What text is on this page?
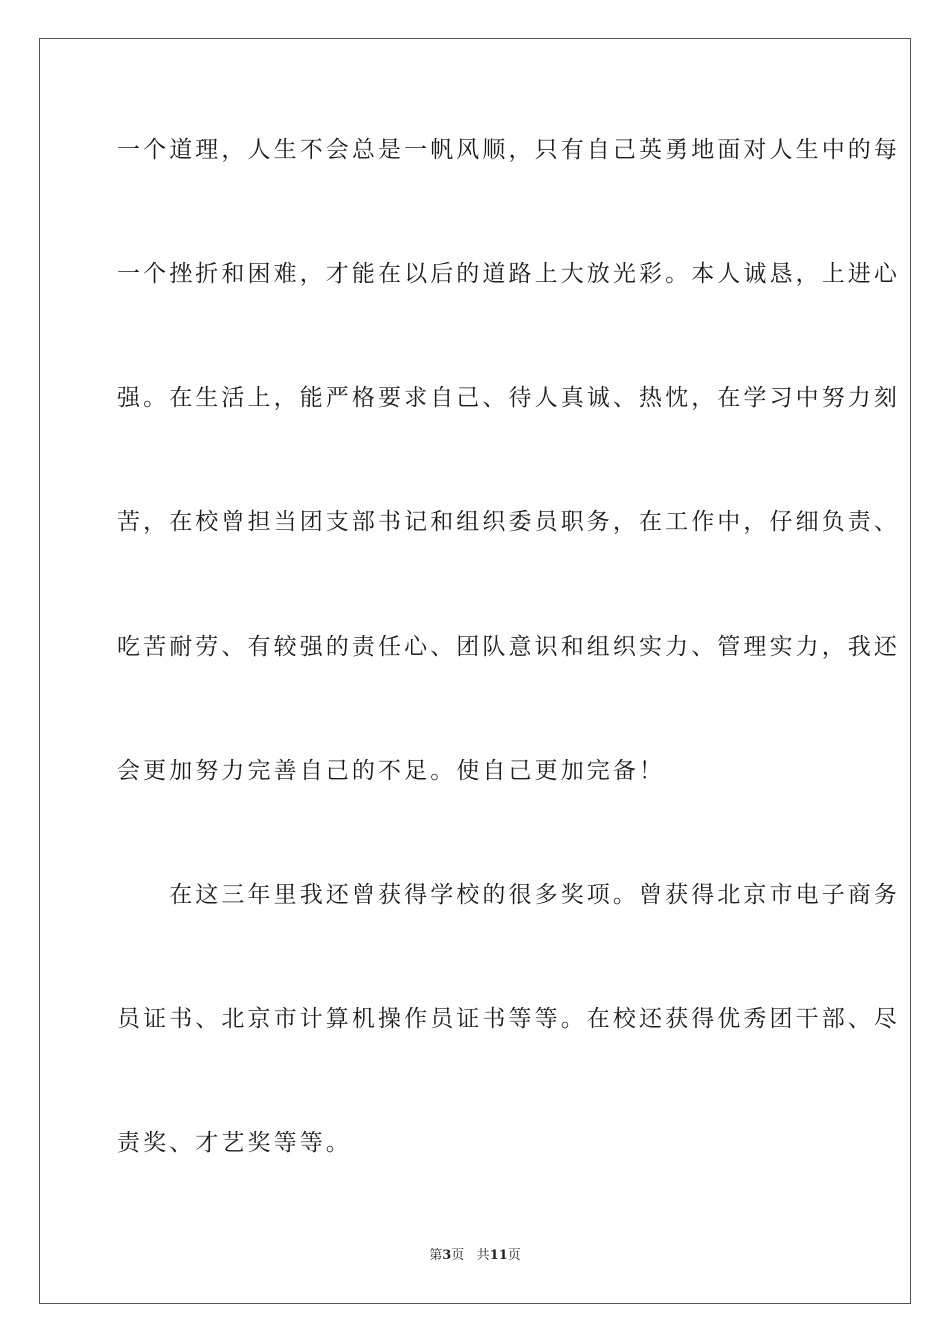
一个道理，人生不会总是一帆风顺，只有自己英勇地面对人生中的每
一个挫折和困难，才能在以后的道路上大放光彩。本人诚恳，上进心
强。在生活上，能严格要求自己、待人真诚、热忱，在学习中努力刻
苦，在校曾担当团支部书记和组织委员职务，在工作中，仔细负责、
吃苦耐劳、有较强的责任心、团队意识和组织实力、管理实力，我还
会更加努力完善自己的不足。使自己更加完备！
　　在这三年里我还曾获得学校的很多奖项。曾获得北京市电子商务
员证书、北京市计算机操作员证书等等。在校还获得优秀团干部、尽
责奖、才艺奖等等。
第3页 共11页
